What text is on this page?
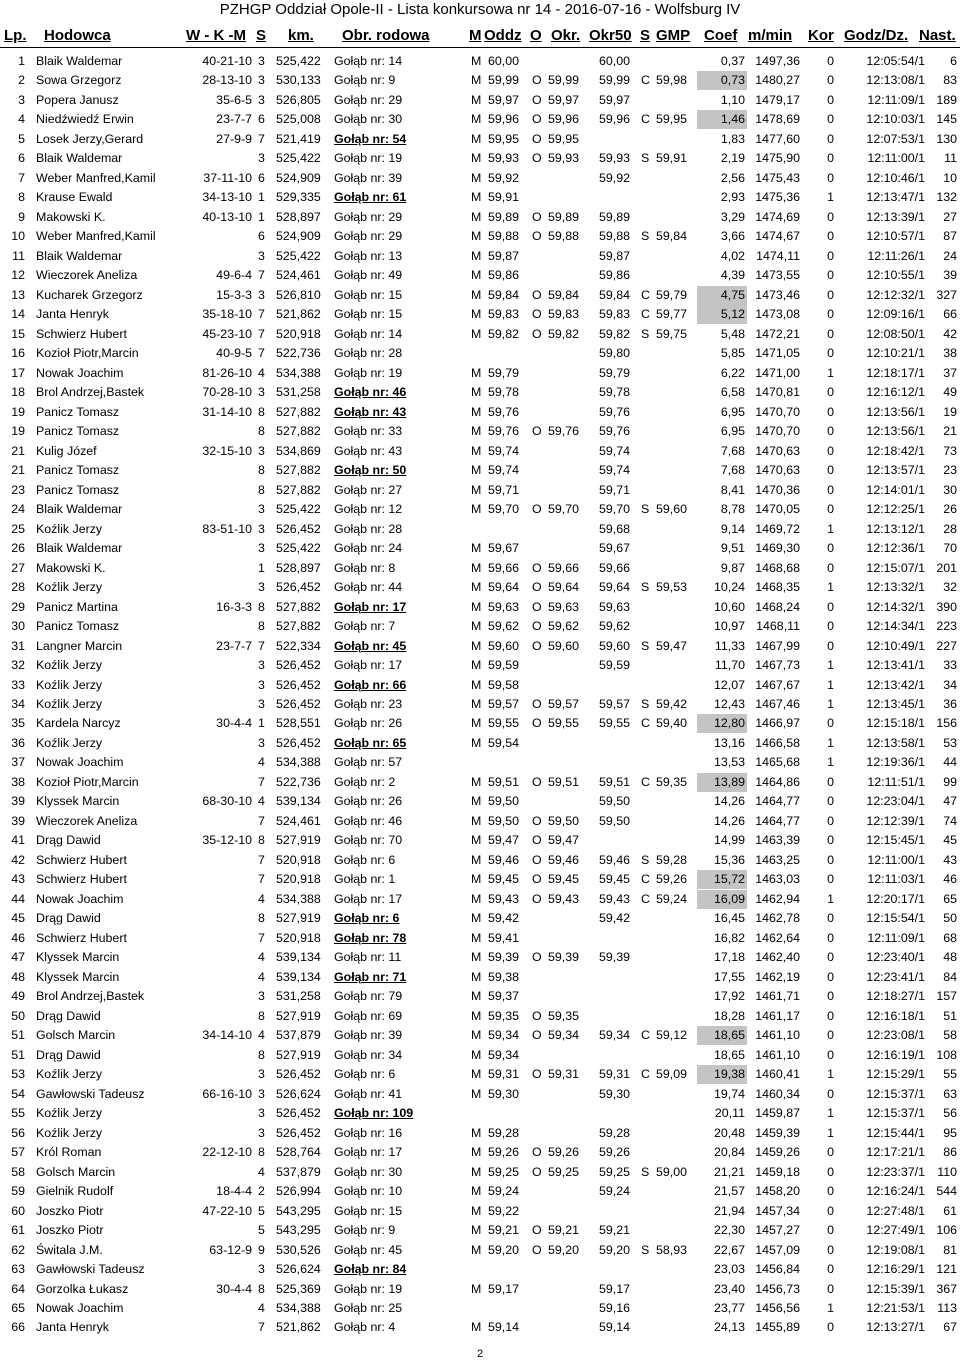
PZHGP Oddział Opole-II - Lista konkursowa nr 14 - 2016-07-16 - Wolfsburg IV
Lp. Hodowca	W - K -M S km. Obr. rodowa	M Oddz O Okr. Okr50 S GMP Coef m/min Kor Godz/Dz. Nast.
1 Blaik Waldemar	40-21-10 3 525,422 Gołąb nr: 14	M 60,00	60,00	0,37 1497,36	0	12:05:54/1	6
2 Sowa Grzegorz	28-13-10 3 530,133 Gołąb nr: 9	M 59,99 O 59,99 59,99 C 59,98	0,73 1480,27	0	12:13:08/1	83
3 Popera Janusz	35-6-5 3 526,805 Gołąb nr: 29	M 59,97 O 59,97 59,97	1,10 1479,17	0	12:11:09/1 189
4 Niedźwiedź Erwin	23-7-7 6 525,008 Gołąb nr: 30	M 59,96 O 59,96 59,96 C 59,95	1,46 1478,69	0	12:10:03/1 145
5 Losek Jerzy,Gerard	27-9-9 7 521,419 Gołąb nr: 54	M 59,95 O 59,95	1,83 1477,60	0	12:07:53/1 130
6 Blaik Waldemar	3 525,422 Gołąb nr: 19	M 59,93 O 59,93 59,93 S 59,91	2,19 1475,90	0	12:11:00/1	11
7 Weber Manfred,Kamil	37-11-10 6 524,909 Gołąb nr: 39	M 59,92	59,92	2,56 1475,43	0	12:10:46/1	10
8 Krause Ewald	34-13-10 1 529,335 Gołąb nr: 61	M 59,91	2,93 1475,36	1	12:13:47/1 132
9 Makowski K.	40-13-10 1 528,897 Gołąb nr: 29	M 59,89 O 59,89 59,89	3,29 1474,69	0	12:13:39/1	27
10 Weber Manfred,Kamil	6 524,909 Gołąb nr: 29	M 59,88 O 59,88 59,88 S 59,84	3,66 1474,67	0	12:10:57/1	87
11 Blaik Waldemar	3 525,422 Gołąb nr: 13	M 59,87	59,87	4,02 1474,11	0	12:11:26/1	24
12 Wieczorek Aneliza	49-6-4 7 524,461 Gołąb nr: 49	M 59,86	59,86	4,39 1473,55	0	12:10:55/1	39
13 Kucharek Grzegorz	15-3-3 3 526,810 Gołąb nr: 15	M 59,84 O 59,84 59,84 C 59,79	4,75 1473,46	0	12:12:32/1 327
14 Janta Henryk	35-18-10 7 521,862 Gołąb nr: 15	M 59,83 O 59,83 59,83 C 59,77	5,12 1473,08	0	12:09:16/1	66
15 Schwierz Hubert	45-23-10 7 520,918 Gołąb nr: 14	M 59,82 O 59,82 59,82 S 59,75	5,48 1472,21	0	12:08:50/1	42
16 Kozioł Piotr,Marcin	40-9-5 7 522,736 Gołąb nr: 28	59,80	5,85 1471,05	0	12:10:21/1	38
17 Nowak Joachim	81-26-10 4 534,388 Gołąb nr: 19	M 59,79	59,79	6,22 1471,00	1	12:18:17/1	37
18 Brol Andrzej,Bastek	70-28-10 3 531,258 Gołąb nr: 46	M 59,78	59,78	6,58 1470,81	0	12:16:12/1	49
19 Panicz Tomasz	31-14-10 8 527,882 Gołąb nr: 43	M 59,76	59,76	6,95 1470,70	0	12:13:56/1	19
19 Panicz Tomasz	8 527,882 Gołąb nr: 33	M 59,76 O 59,76 59,76	6,95 1470,70	0	12:13:56/1	21
21 Kulig Józef	32-15-10 3 534,869 Gołąb nr: 43	M 59,74	59,74	7,68 1470,63	0	12:18:42/1	73
21 Panicz Tomasz	8 527,882 Gołąb nr: 50	M 59,74	59,74	7,68 1470,63	0	12:13:57/1	23
23 Panicz Tomasz	8 527,882 Gołąb nr: 27	M 59,71	59,71	8,41 1470,36	0	12:14:01/1	30
24 Blaik Waldemar	3 525,422 Gołąb nr: 12	M 59,70 O 59,70 59,70 S 59,60	8,78 1470,05	0	12:12:25/1	26
25 Koźlik Jerzy	83-51-10 3 526,452 Gołąb nr: 28	59,68	9,14 1469,72	1	12:13:12/1	28
26 Blaik Waldemar	3 525,422 Gołąb nr: 24	M 59,67	59,67	9,51 1469,30	0	12:12:36/1	70
27 Makowski K.	1 528,897 Gołąb nr: 8	M 59,66 O 59,66 59,66	9,87 1468,68	0	12:15:07/1 201
28 Koźlik Jerzy	3 526,452 Gołąb nr: 44	M 59,64 O 59,64 59,64 S 59,53	10,24 1468,35	1	12:13:32/1	32
29 Panicz Martina	16-3-3 8 527,882 Gołąb nr: 17	M 59,63 O 59,63 59,63	10,60 1468,24	0	12:14:32/1 390
30 Panicz Tomasz	8 527,882 Gołąb nr: 7	M 59,62 O 59,62 59,62	10,97 1468,11	0	12:14:34/1 223
31 Langner Marcin	23-7-7 7 522,334 Gołąb nr: 45	M 59,60 O 59,60 59,60 S 59,47	11,33 1467,99	0	12:10:49/1 227
32 Koźlik Jerzy	3 526,452 Gołąb nr: 17	M 59,59	59,59	11,70 1467,73	1	12:13:41/1	33
33 Koźlik Jerzy	3 526,452 Gołąb nr: 66	M 59,58	12,07 1467,67	1	12:13:42/1	34
34 Koźlik Jerzy	3 526,452 Gołąb nr: 23	M 59,57 O 59,57 59,57 S 59,42	12,43 1467,46	1	12:13:45/1	36
35 Kardela Narcyz	30-4-4 1 528,551 Gołąb nr: 26	M 59,55 O 59,55 59,55 C 59,40	12,80 1466,97	0	12:15:18/1 156
36 Koźlik Jerzy	3 526,452 Gołąb nr: 65	M 59,54	13,16 1466,58	1	12:13:58/1	53
37 Nowak Joachim	4 534,388 Gołąb nr: 57	13,53 1465,68	1	12:19:36/1	44
38 Kozioł Piotr,Marcin	7 522,736 Gołąb nr: 2	M 59,51 O 59,51 59,51 C 59,35	13,89 1464,86	0	12:11:51/1	99
39 Klyssek Marcin	68-30-10 4 539,134 Gołąb nr: 26	M 59,50	59,50	14,26 1464,77	0	12:23:04/1	47
39 Wieczorek Aneliza	7 524,461 Gołąb nr: 46	M 59,50 O 59,50 59,50	14,26 1464,77	0	12:12:39/1	74
41 Drąg Dawid	35-12-10 8 527,919 Gołąb nr: 70	M 59,47 O 59,47	14,99 1463,39	0	12:15:45/1	45
42 Schwierz Hubert	7 520,918 Gołąb nr: 6	M 59,46 O 59,46 59,46 S 59,28	15,36 1463,25	0	12:11:00/1	43
43 Schwierz Hubert	7 520,918 Gołąb nr: 1	M 59,45 O 59,45 59,45 C 59,26	15,72 1463,03	0	12:11:03/1	46
44 Nowak Joachim	4 534,388 Gołąb nr: 17	M 59,43 O 59,43 59,43 C 59,24	16,09 1462,94	1	12:20:17/1	65
45 Drąg Dawid	8 527,919 Gołąb nr: 6	M 59,42	59,42	16,45 1462,78	0	12:15:54/1	50
46 Schwierz Hubert	7 520,918 Gołąb nr: 78	M 59,41	16,82 1462,64	0	12:11:09/1	68
47 Klyssek Marcin	4 539,134 Gołąb nr: 11	M 59,39 O 59,39 59,39	17,18 1462,40	0	12:23:40/1	48
48 Klyssek Marcin	4 539,134 Gołąb nr: 71	M 59,38	17,55 1462,19	0	12:23:41/1	84
49 Brol Andrzej,Bastek	3 531,258 Gołąb nr: 79	M 59,37	17,92 1461,71	0	12:18:27/1 157
50 Drąg Dawid	8 527,919 Gołąb nr: 69	M 59,35 O 59,35	18,28 1461,17	0	12:16:18/1	51
51 Golsch Marcin	34-14-10 4 537,879 Gołąb nr: 39	M 59,34 O 59,34 59,34 C 59,12	18,65 1461,10	0	12:23:08/1	58
51 Drąg Dawid	8 527,919 Gołąb nr: 34	M 59,34	18,65 1461,10	0	12:16:19/1 108
53 Koźlik Jerzy	3 526,452 Gołąb nr: 6	M 59,31 O 59,31 59,31 C 59,09	19,38 1460,41	1	12:15:29/1	55
54 Gawłowski Tadeusz	66-16-10 3 526,624 Gołąb nr: 41	M 59,30	59,30	19,74 1460,34	0	12:15:37/1	63
55 Koźlik Jerzy	3 526,452 Gołąb nr: 109	20,11 1459,87	1	12:15:37/1	56
56 Koźlik Jerzy	3 526,452 Gołąb nr: 16	M 59,28	59,28	20,48 1459,39	1	12:15:44/1	95
57 Król Roman	22-12-10 8 528,764 Gołąb nr: 17	M 59,26 O 59,26 59,26	20,84 1459,26	0	12:17:21/1	86
58 Golsch Marcin	4 537,879 Gołąb nr: 30	M 59,25 O 59,25 59,25 S 59,00	21,21 1459,18	0	12:23:37/1 110
59 Gielnik Rudolf	18-4-4 2 526,994 Gołąb nr: 10	M 59,24	59,24	21,57 1458,20	0	12:16:24/1 544
60 Joszko Piotr	47-22-10 5 543,295 Gołąb nr: 15	M 59,22	21,94 1457,34	0	12:27:48/1	61
61 Joszko Piotr	5 543,295 Gołąb nr: 9	M 59,21 O 59,21 59,21	22,30 1457,27	0	12:27:49/1 106
62 Świtala J.M.	63-12-9 9 530,526 Gołąb nr: 45	M 59,20 O 59,20 59,20 S 58,93	22,67 1457,09	0	12:19:08/1	81
63 Gawłowski Tadeusz	3 526,624 Gołąb nr: 84	23,03 1456,84	0	12:16:29/1 121
64 Gorzolka Łukasz	30-4-4 8 525,369 Gołąb nr: 19	M 59,17	59,17	23,40 1456,73	0	12:15:39/1 367
65 Nowak Joachim	4 534,388 Gołąb nr: 25	59,16	23,77 1456,56	1	12:21:53/1 113
66 Janta Henryk	7 521,862 Gołąb nr: 4	M 59,14	59,14	24,13 1455,89	0	12:13:27/1	67
2
